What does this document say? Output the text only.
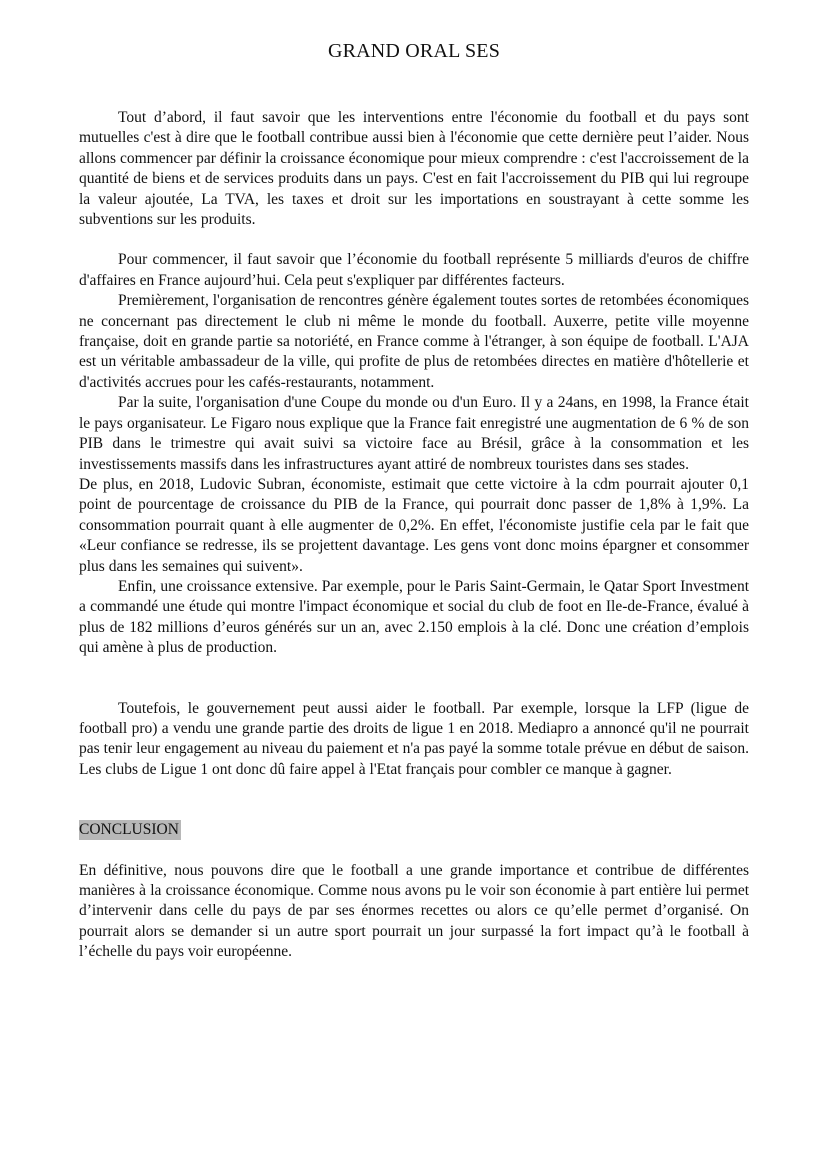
GRAND ORAL SES

Tout d’abord, il faut savoir que les interventions entre l'économie du football et du pays sont mutuelles c'est à dire que le football contribue aussi bien à l'économie que cette dernière peut l’aider. Nous allons commencer par définir la croissance économique pour mieux comprendre : c'est l'accroissement de la quantité de biens et de services produits dans un pays. C'est en fait l'accroissement du PIB qui lui regroupe la valeur ajoutée, La TVA, les taxes et droit sur les importations en soustrayant à cette somme les subventions sur les produits.

Pour commencer, il faut savoir que l’économie du football représente 5 milliards d'euros de chiffre d'affaires en France aujourd’hui. Cela peut s'expliquer par différentes facteurs.

Premièrement, l'organisation de rencontres génère également toutes sortes de retombées économiques ne concernant pas directement le club ni même le monde du football. Auxerre, petite ville moyenne française, doit en grande partie sa notoriété, en France comme à l'étranger, à son équipe de football. L'AJA est un véritable ambassadeur de la ville, qui profite de plus de retombées directes en matière d'hôtellerie et d'activités accrues pour les cafés-restaurants, notamment.

Par la suite, l'organisation d'une Coupe du monde ou d'un Euro. Il y a 24ans, en 1998, la France était le pays organisateur. Le Figaro nous explique que la France fait enregistré une augmentation de 6 % de son PIB dans le trimestre qui avait suivi sa victoire face au Brésil, grâce à la consommation et les investissements massifs dans les infrastructures ayant attiré de nombreux touristes dans ses stades.

De plus, en 2018, Ludovic Subran, économiste, estimait que cette victoire à la cdm pourrait ajouter 0,1 point de pourcentage de croissance du PIB de la France, qui pourrait donc passer de 1,8% à 1,9%. La consommation pourrait quant à elle augmenter de 0,2%. En effet, l'économiste justifie cela par le fait que «Leur confiance se redresse, ils se projettent davantage. Les gens vont donc moins épargner et consommer plus dans les semaines qui suivent».

Enfin, une croissance extensive. Par exemple, pour le Paris Saint-Germain, le Qatar Sport Investment a commandé une étude qui montre l'impact économique et social du club de foot en Ile-de-France, évalué à plus de 182 millions d’euros générés sur un an, avec 2.150 emplois à la clé. Donc une création d’emplois qui amène à plus de production.

Toutefois, le gouvernement peut aussi aider le football. Par exemple, lorsque la LFP (ligue de football pro) a vendu une grande partie des droits de ligue 1 en 2018. Mediapro a annoncé qu'il ne pourrait pas tenir leur engagement au niveau du paiement et n'a pas payé la somme totale prévue en début de saison. Les clubs de Ligue 1 ont donc dû faire appel à l'Etat français pour combler ce manque à gagner.

CONCLUSION

En définitive, nous pouvons dire que le football a une grande importance et contribue de différentes manières à la croissance économique. Comme nous avons pu le voir son économie à part entière lui permet d’intervenir dans celle du pays de par ses énormes recettes ou alors ce qu’elle permet d’organisé. On pourrait alors se demander si un autre sport pourrait un jour surpassé la fort impact qu’à le football à l’échelle du pays voir européenne.
